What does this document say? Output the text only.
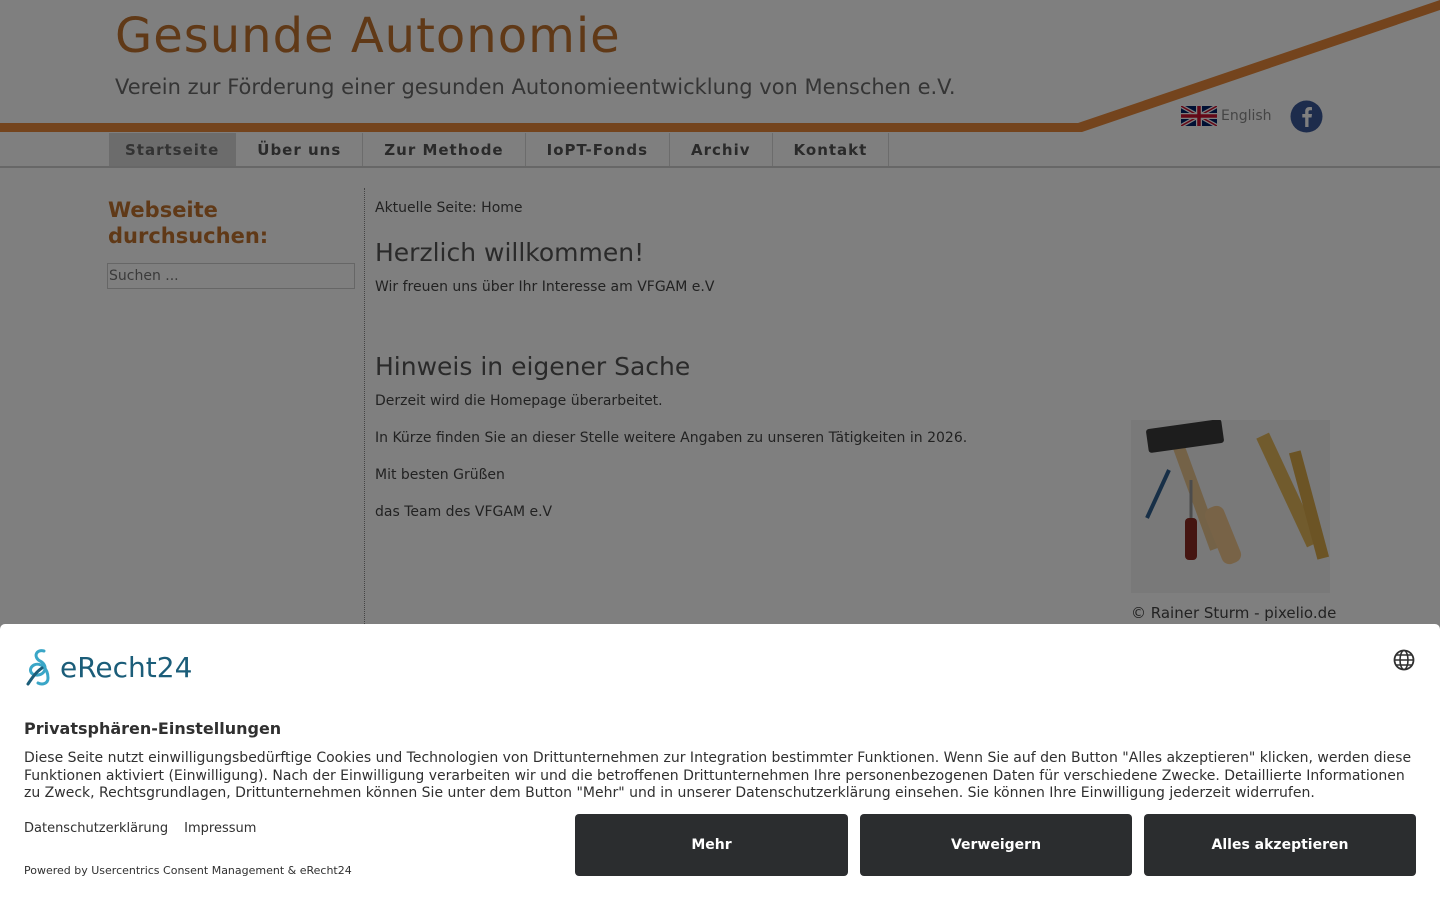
Suchen ...

eRecht24
Privatsphären-Einstellungen

Diese Seite nutzt einwilligungsbedürftige Cookies und Technologien von Drittunternehmen zur Integration bestimmter Funktionen. Wenn Sie auf den Button "Alles akzeptieren" klicken, werden diese Funktionen aktiviert (Einwilligung). Nach der Einwilligung verarbeiten wir und die betroffenen Drittunternehmen Ihre personenbezogenen Daten für verschiedene Zwecke. Detaillierte Informationen zu Zweck, Rechtsgrundlagen, Drittunternehmen können Sie unter dem Button "Mehr" und in unserer Datenschutzerklärung einsehen. Sie können Ihre Einwilligung jederzeit widerrufen.

Datenschutzerklärung Impressum
Powered by Usercentrics Consent Management & eRecht24
Mehr	Verweigern	Alles akzeptieren
